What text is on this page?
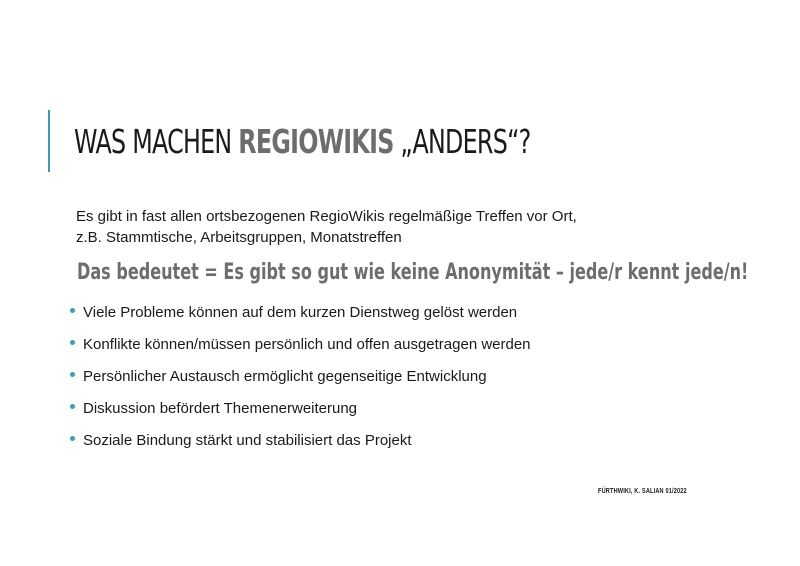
WAS MACHEN REGIOWIKIS „ANDERS“?

Es gibt in fast allen ortsbezogenen RegioWikis regelmäßige Treffen vor Ort,
z.B. Stammtische, Arbeitsgruppen, Monatstreffen

Das bedeutet = Es gibt so gut wie keine Anonymität – jede/r kennt jede/n!

Viele Probleme können auf dem kurzen Dienstweg gelöst werden
Konflikte können/müssen persönlich und offen ausgetragen werden
Persönlicher Austausch ermöglicht gegenseitige Entwicklung
Diskussion befördert Themenerweiterung
Soziale Bindung stärkt und stabilisiert das Projekt

FÜRTHWIKI, K. SALIAN 01/2022
